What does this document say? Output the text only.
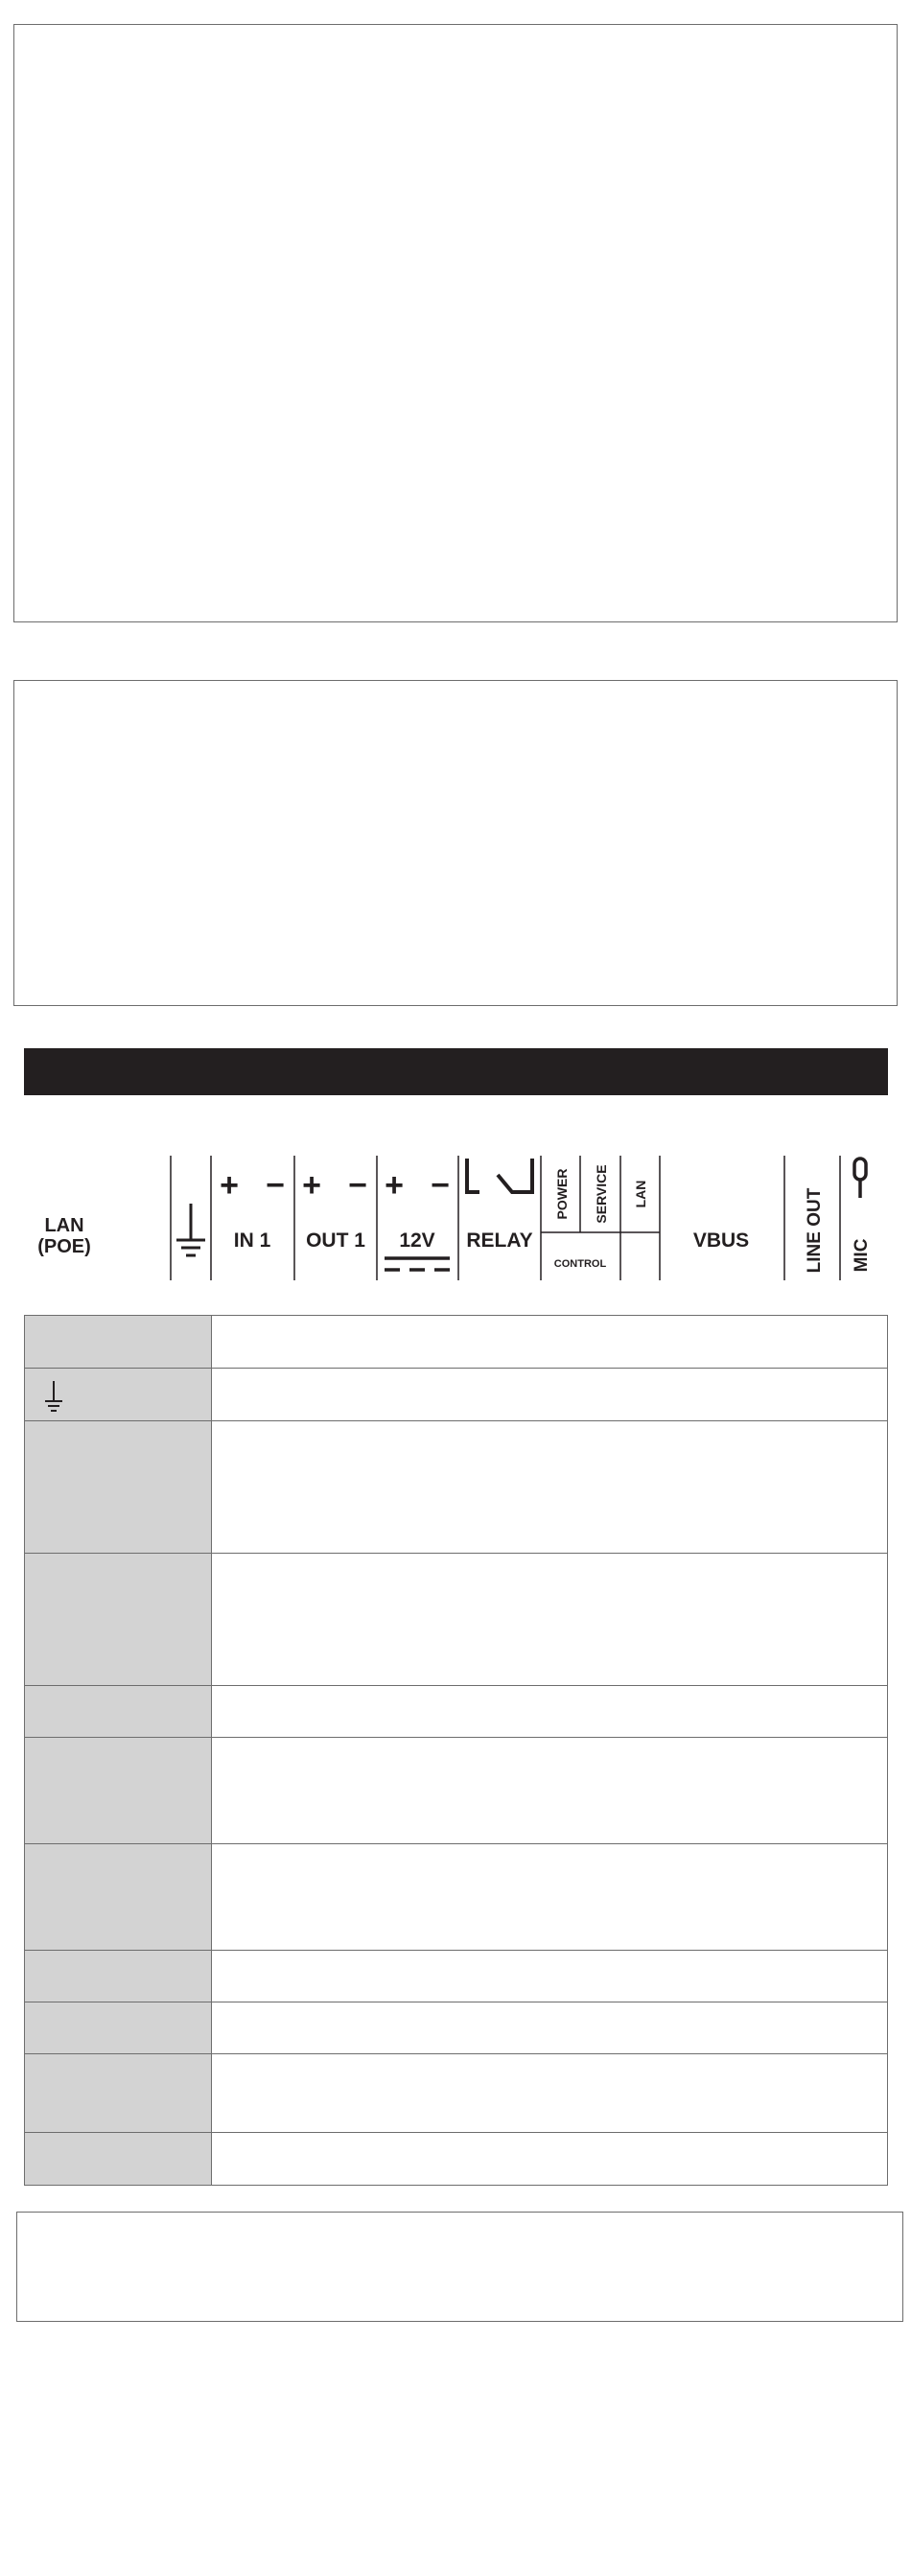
LAN
(POE)
+ −
IN 1
+ −
OUT 1
+ −
12V RELAY
POWER SERVICE LAN
CONTROL
VBUS	LINE OUT MIC
